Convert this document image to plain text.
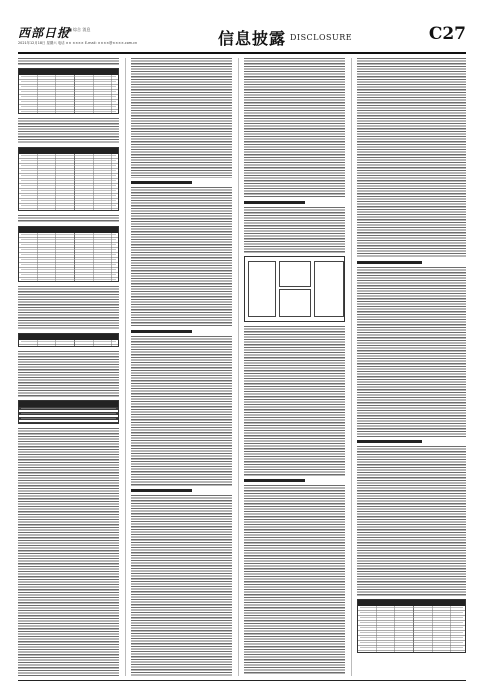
西部日报
■ 综合 消息
2021年12月18日 星期六 电话 ×× ×××× E-mail: ××××@××××.com.cn	信息披露 DISCLOSURE	C27
